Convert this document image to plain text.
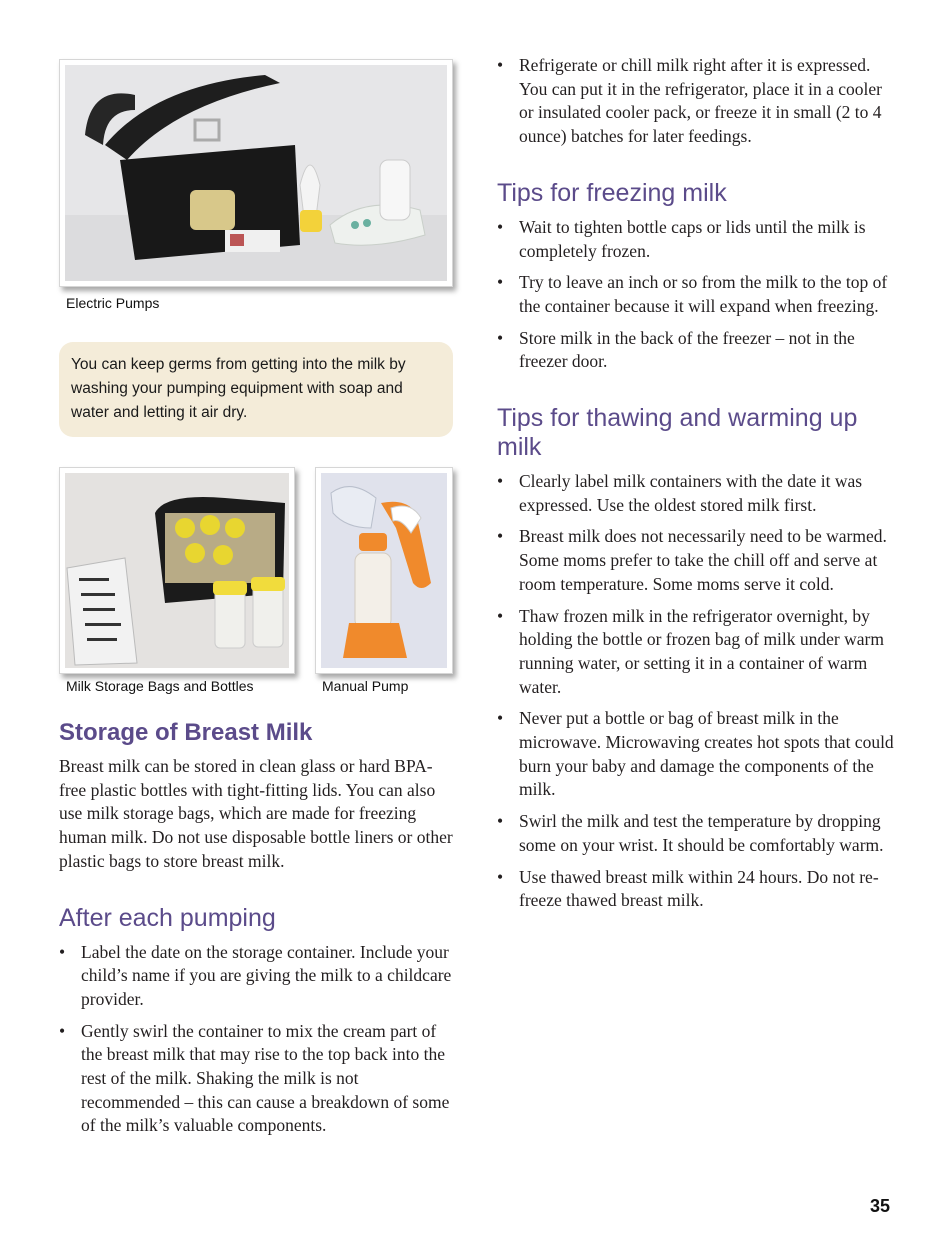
Electric Pumps
You can keep germs from getting into the milk by washing your pumping equipment with soap and water and letting it air dry.
Milk Storage Bags and Bottles	Manual Pump
Storage of Breast Milk

Breast milk can be stored in clean glass or hard BPA-free plastic bottles with tight-fitting lids. You can also use milk storage bags, which are made for freezing human milk. Do not use disposable bottle liners or other plastic bags to store breast milk.

After each pumping
• Label the date on the storage container. Include your child’s name if you are giving the milk to a childcare provider.
• Gently swirl the container to mix the cream part of the breast milk that may rise to the top back into the rest of the milk. Shaking the milk is not recommended – this can cause a breakdown of some of the milk’s valuable components.
• Refrigerate or chill milk right after it is expressed. You can put it in the refrigerator, place it in a cooler or insulated cooler pack, or freeze it in small (2 to 4 ounce) batches for later feedings.
Tips for freezing milk
• Wait to tighten bottle caps or lids until the milk is completely frozen.
• Try to leave an inch or so from the milk to the top of the container because it will expand when freezing.
• Store milk in the back of the freezer – not in the freezer door.
Tips for thawing and warming up milk
• Clearly label milk containers with the date it was expressed. Use the oldest stored milk first.
• Breast milk does not necessarily need to be warmed. Some moms prefer to take the chill off and serve at room temperature. Some moms serve it cold.
• Thaw frozen milk in the refrigerator overnight, by holding the bottle or frozen bag of milk under warm running water, or setting it in a container of warm water.
• Never put a bottle or bag of breast milk in the microwave. Microwaving creates hot spots that could burn your baby and damage the components of the milk.
• Swirl the milk and test the temperature by dropping some on your wrist. It should be comfortably warm.
• Use thawed breast milk within 24 hours. Do not re-freeze thawed breast milk.
35
